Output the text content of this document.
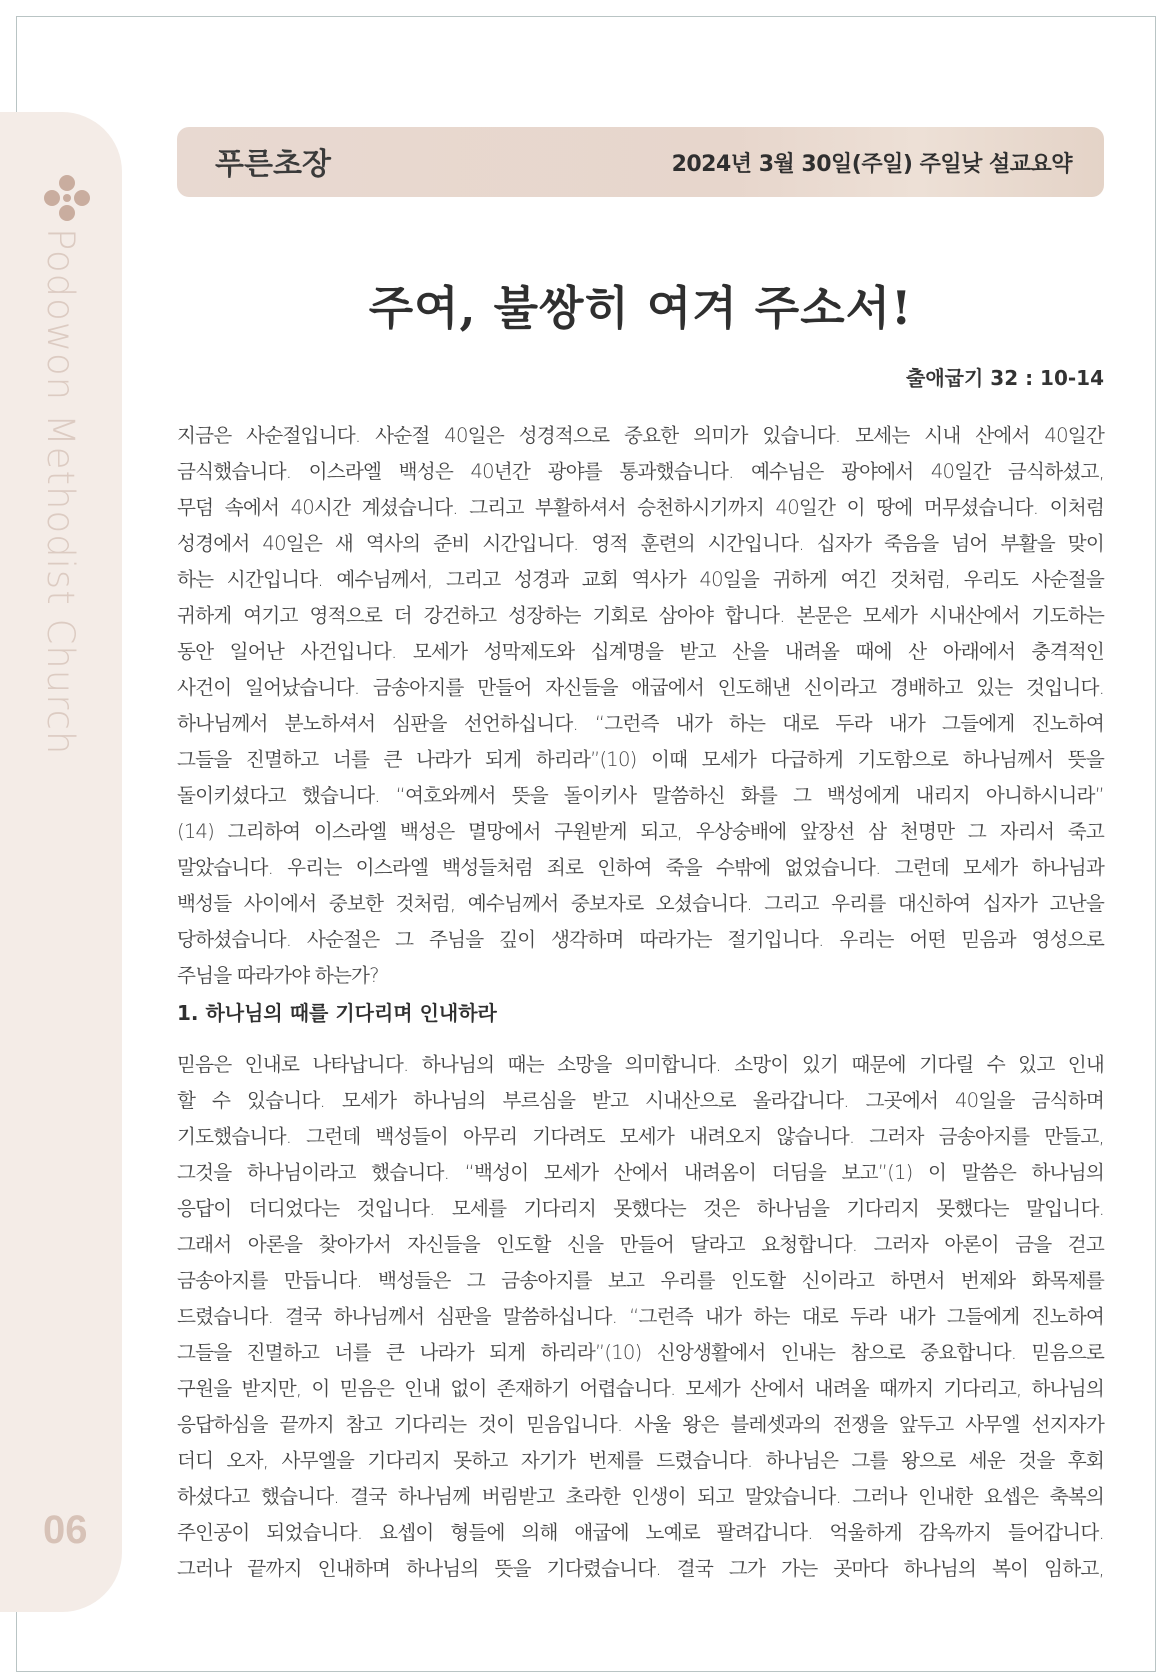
Podowon Methodist Church
06
푸른초장	2024년 3월 30일(주일) 주일낮 설교요약
주여, 불쌍히 여겨 주소서!
출애굽기 32 : 10-14
지금은 사순절입니다. 사순절 40일은 성경적으로 중요한 의미가 있습니다. 모세는 시내 산에서 40일간
금식했습니다. 이스라엘 백성은 40년간 광야를 통과했습니다. 예수님은 광야에서 40일간 금식하셨고,
무덤 속에서 40시간 계셨습니다. 그리고 부활하셔서 승천하시기까지 40일간 이 땅에 머무셨습니다. 이처럼
성경에서 40일은 새 역사의 준비 시간입니다. 영적 훈련의 시간입니다. 십자가 죽음을 넘어 부활을 맞이
하는 시간입니다. 예수님께서, 그리고 성경과 교회 역사가 40일을 귀하게 여긴 것처럼, 우리도 사순절을
귀하게 여기고 영적으로 더 강건하고 성장하는 기회로 삼아야 합니다. 본문은 모세가 시내산에서 기도하는
동안 일어난 사건입니다. 모세가 성막제도와 십계명을 받고 산을 내려올 때에 산 아래에서 충격적인
사건이 일어났습니다. 금송아지를 만들어 자신들을 애굽에서 인도해낸 신이라고 경배하고 있는 것입니다.
하나님께서 분노하셔서 심판을 선언하십니다. “그런즉 내가 하는 대로 두라 내가 그들에게 진노하여
그들을 진멸하고 너를 큰 나라가 되게 하리라”(10) 이때 모세가 다급하게 기도함으로 하나님께서 뜻을
돌이키셨다고 했습니다. “여호와께서 뜻을 돌이키사 말씀하신 화를 그 백성에게 내리지 아니하시니라”
(14) 그리하여 이스라엘 백성은 멸망에서 구원받게 되고, 우상숭배에 앞장선 삼 천명만 그 자리서 죽고
말았습니다. 우리는 이스라엘 백성들처럼 죄로 인하여 죽을 수밖에 없었습니다. 그런데 모세가 하나님과
백성들 사이에서 중보한 것처럼, 예수님께서 중보자로 오셨습니다. 그리고 우리를 대신하여 십자가 고난을
당하셨습니다. 사순절은 그 주님을 깊이 생각하며 따라가는 절기입니다. 우리는 어떤 믿음과 영성으로
주님을 따라가야 하는가?
1. 하나님의 때를 기다리며 인내하라
믿음은 인내로 나타납니다. 하나님의 때는 소망을 의미합니다. 소망이 있기 때문에 기다릴 수 있고 인내
할 수 있습니다. 모세가 하나님의 부르심을 받고 시내산으로 올라갑니다. 그곳에서 40일을 금식하며
기도했습니다. 그런데 백성들이 아무리 기다려도 모세가 내려오지 않습니다. 그러자 금송아지를 만들고,
그것을 하나님이라고 했습니다. “백성이 모세가 산에서 내려옴이 더딤을 보고”(1) 이 말씀은 하나님의
응답이 더디었다는 것입니다. 모세를 기다리지 못했다는 것은 하나님을 기다리지 못했다는 말입니다.
그래서 아론을 찾아가서 자신들을 인도할 신을 만들어 달라고 요청합니다. 그러자 아론이 금을 걷고
금송아지를 만듭니다. 백성들은 그 금송아지를 보고 우리를 인도할 신이라고 하면서 번제와 화목제를
드렸습니다. 결국 하나님께서 심판을 말씀하십니다. “그런즉 내가 하는 대로 두라 내가 그들에게 진노하여
그들을 진멸하고 너를 큰 나라가 되게 하리라”(10) 신앙생활에서 인내는 참으로 중요합니다. 믿음으로
구원을 받지만, 이 믿음은 인내 없이 존재하기 어렵습니다. 모세가 산에서 내려올 때까지 기다리고, 하나님의
응답하심을 끝까지 참고 기다리는 것이 믿음입니다. 사울 왕은 블레셋과의 전쟁을 앞두고 사무엘 선지자가
더디 오자, 사무엘을 기다리지 못하고 자기가 번제를 드렸습니다. 하나님은 그를 왕으로 세운 것을 후회
하셨다고 했습니다. 결국 하나님께 버림받고 초라한 인생이 되고 말았습니다. 그러나 인내한 요셉은 축복의
주인공이 되었습니다. 요셉이 형들에 의해 애굽에 노예로 팔려갑니다. 억울하게 감옥까지 들어갑니다.
그러나 끝까지 인내하며 하나님의 뜻을 기다렸습니다. 결국 그가 가는 곳마다 하나님의 복이 임하고,
